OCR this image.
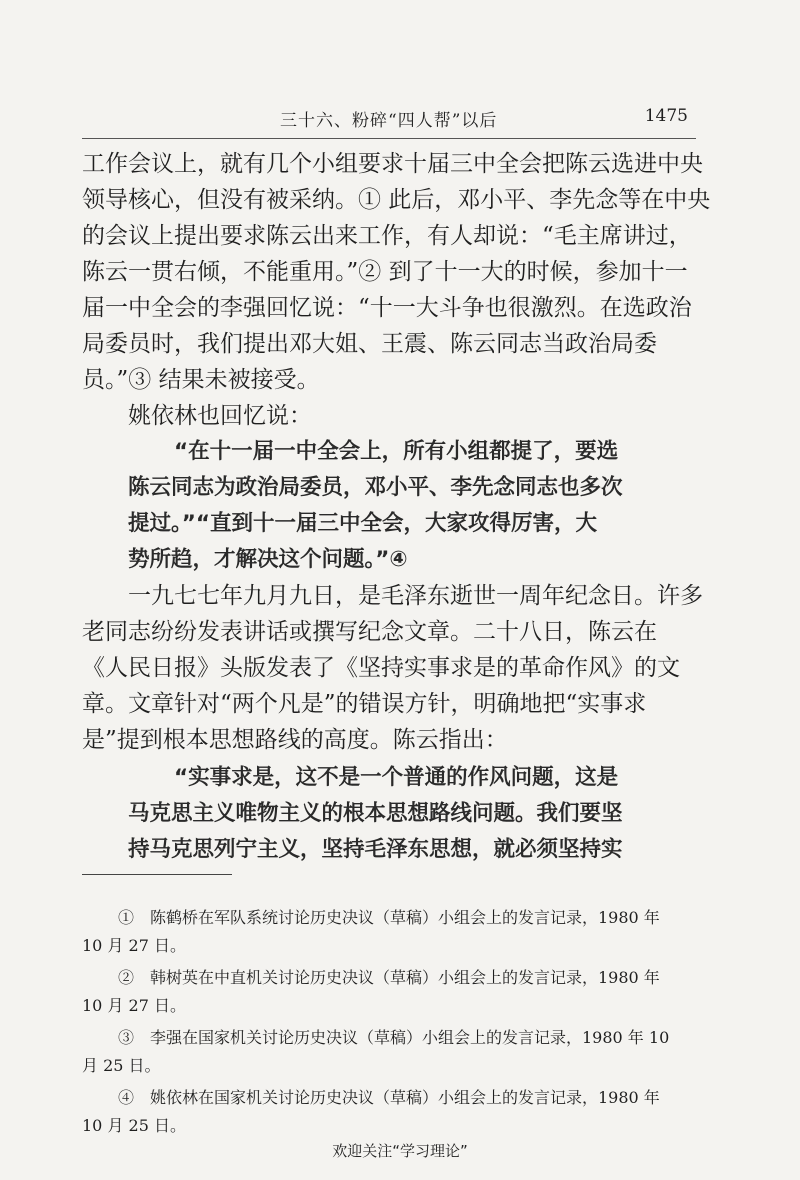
三十六、粉碎“四人帮”以后	1475
工作会议上，就有几个小组要求十届三中全会把陈云选进中央
领导核心，但没有被采纳。① 此后，邓小平、李先念等在中央
的会议上提出要求陈云出来工作，有人却说：“毛主席讲过，
陈云一贯右倾，不能重用。”② 到了十一大的时候，参加十一
届一中全会的李强回忆说：“十一大斗争也很激烈。在选政治
局委员时，我们提出邓大姐、王震、陈云同志当政治局委
员。”③ 结果未被接受。
姚依林也回忆说：
“在十一届一中全会上，所有小组都提了，要选
陈云同志为政治局委员，邓小平、李先念同志也多次
提过。”“直到十一届三中全会，大家攻得厉害，大
势所趋，才解决这个问题。”④
一九七七年九月九日，是毛泽东逝世一周年纪念日。许多
老同志纷纷发表讲话或撰写纪念文章。二十八日，陈云在
《人民日报》头版发表了《坚持实事求是的革命作风》的文
章。文章针对“两个凡是”的错误方针，明确地把“实事求
是”提到根本思想路线的高度。陈云指出：
“实事求是，这不是一个普通的作风问题，这是
马克思主义唯物主义的根本思想路线问题。我们要坚
持马克思列宁主义，坚持毛泽东思想，就必须坚持实
①　陈鹤桥在军队系统讨论历史决议（草稿）小组会上的发言记录，1980 年
10 月 27 日。
②　韩树英在中直机关讨论历史决议（草稿）小组会上的发言记录，1980 年
10 月 27 日。
③　李强在国家机关讨论历史决议（草稿）小组会上的发言记录，1980 年 10
月 25 日。
④　姚依林在国家机关讨论历史决议（草稿）小组会上的发言记录，1980 年
10 月 25 日。
欢迎关注“学习理论”
